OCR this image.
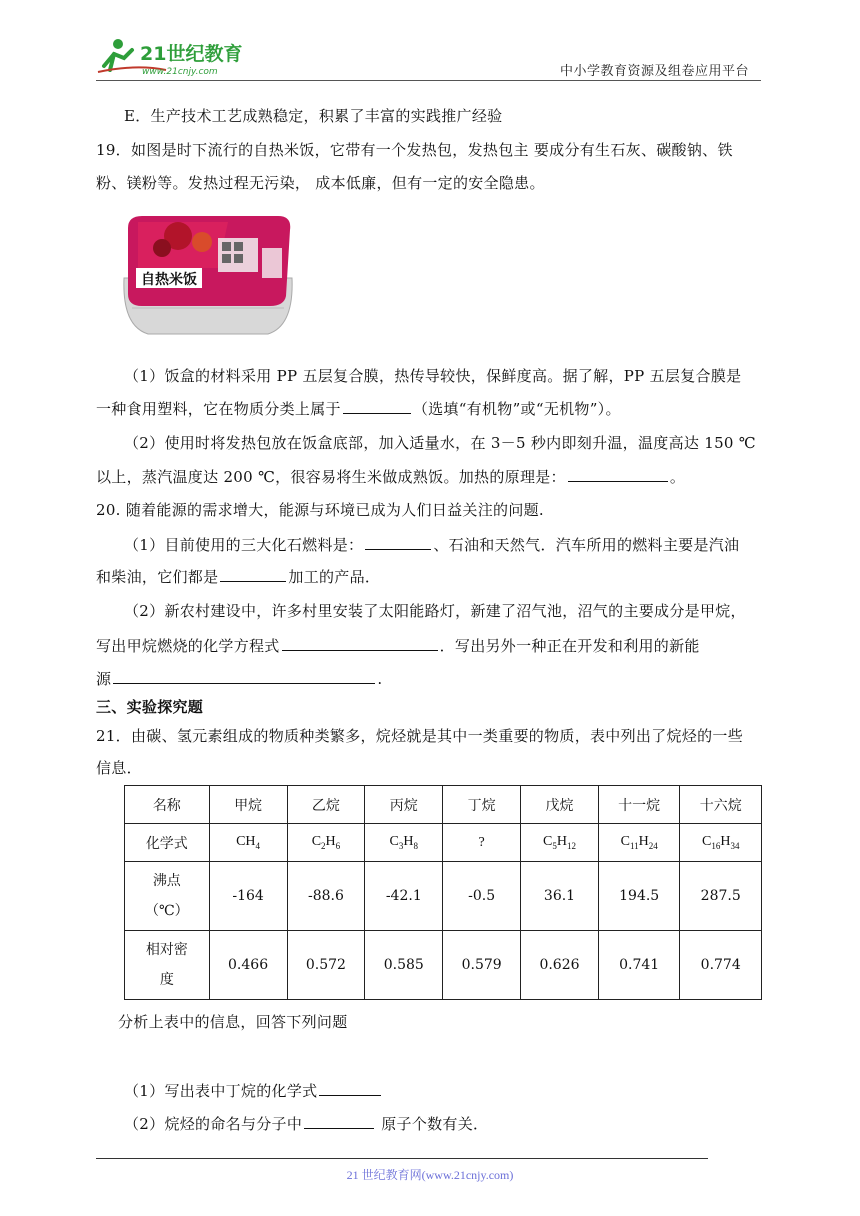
21世纪教育
www.21cnjy.com	中小学教育资源及组卷应用平台
E．生产技术工艺成熟稳定，积累了丰富的实践推广经验
19．如图是时下流行的自热米饭，它带有一个发热包，发热包主 要成分有生石灰、碳酸钠、铁
粉、镁粉等。发热过程无污染， 成本低廉，但有一定的安全隐患。
自热米饭
（1）饭盒的材料采用 PP 五层复合膜，热传导较快，保鲜度高。据了解，PP 五层复合膜是
一种食用塑料，它在物质分类上属于	（选填“有机物”或“无机物”）。
（2）使用时将发热包放在饭盒底部，加入适量水，在 3－5 秒内即刻升温，温度高达 150 ℃
以上，蒸汽温度达 200 ℃，很容易将生米做成熟饭。加热的原理是：	。
20. 随着能源的需求增大，能源与环境已成为人们日益关注的问题.
（1）目前使用的三大化石燃料是：	、石油和天然气．汽车所用的燃料主要是汽油
和柴油，它们都是	加工的产品．
（2）新农村建设中，许多村里安装了太阳能路灯，新建了沼气池，沼气的主要成分是甲烷，
写出甲烷燃烧的化学方程式	．写出另外一种正在开发和利用的新能
源	.
三、实验探究题
21．由碳、氢元素组成的物质种类繁多，烷烃就是其中一类重要的物质，表中列出了烷烃的一些
信息．
名称	甲烷	乙烷	丙烷	丁烷	戊烷	十一烷	十六烷
化学式	$CH_4$	$C_2H_6$	$C_3H_8$	?	$C_5H_{12}$	$C_{11}H_{24}$	$C_{16}H_{34}$

沸点
（℃）	-164	-88.6	-42.1	-0.5	36.1	194.5	287.5

相对密
度	0.466	0.572	0.585	0.579	0.626	0.741	0.774
分析上表中的信息，回答下列问题
（1）写出表中丁烷的化学式
（2）烷烃的命名与分子中	原子个数有关．
21 世纪教育网(www.21cnjy.com)
